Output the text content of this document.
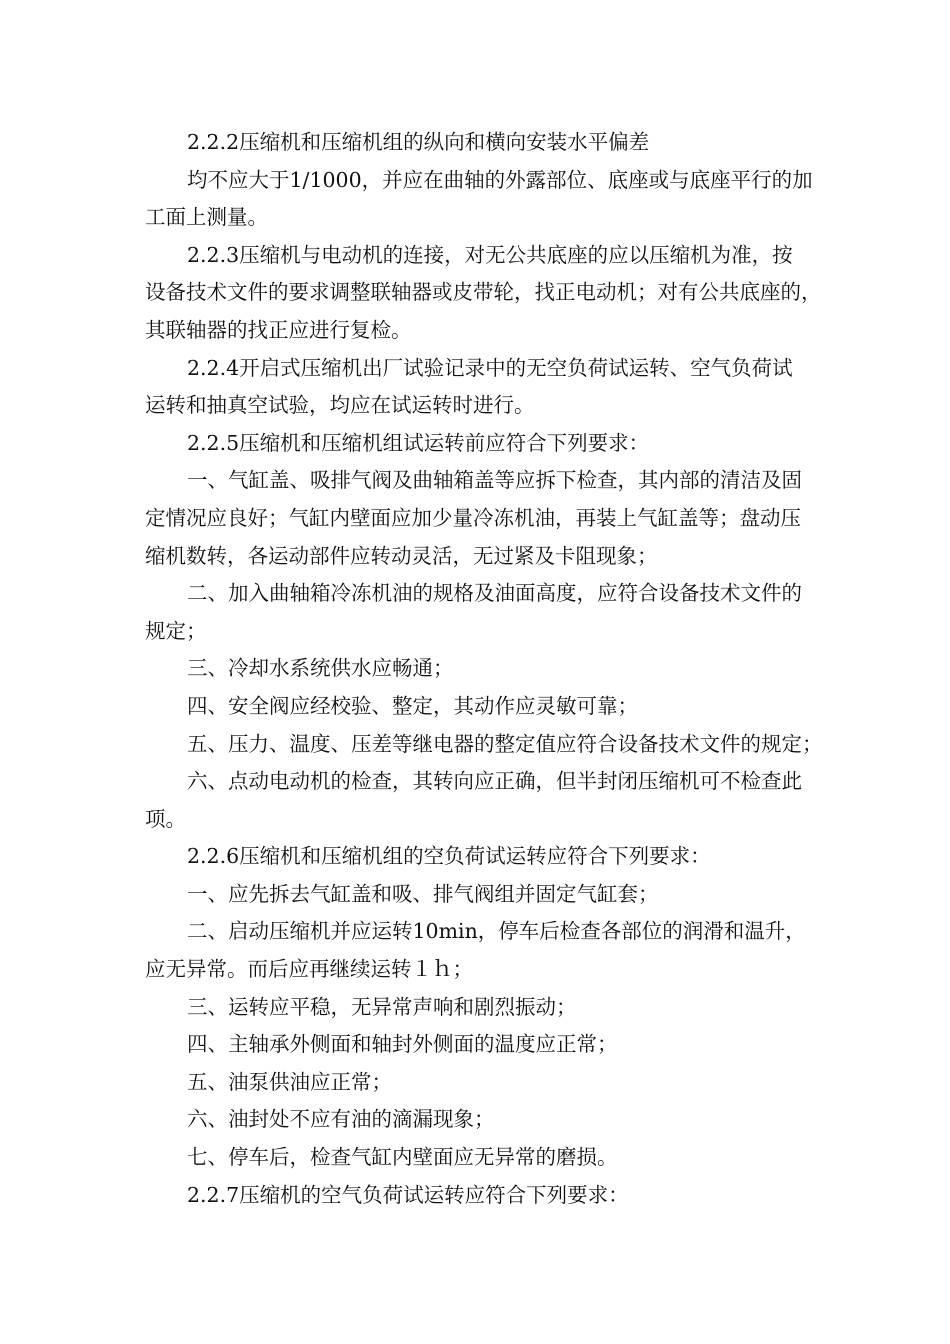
2.2.2压缩机和压缩机组的纵向和横向安装水平偏差
均不应大于1/1000，并应在曲轴的外露部位、底座或与底座平行的加
工面上测量。
2.2.3压缩机与电动机的连接，对无公共底座的应以压缩机为准，按
设备技术文件的要求调整联轴器或皮带轮，找正电动机；对有公共底座的，
其联轴器的找正应进行复检。
2.2.4开启式压缩机出厂试验记录中的无空负荷试运转、空气负荷试
运转和抽真空试验，均应在试运转时进行。
2.2.5压缩机和压缩机组试运转前应符合下列要求：
一、气缸盖、吸排气阀及曲轴箱盖等应拆下检查，其内部的清洁及固
定情况应良好；气缸内壁面应加少量冷冻机油，再装上气缸盖等；盘动压
缩机数转，各运动部件应转动灵活，无过紧及卡阻现象；
二、加入曲轴箱冷冻机油的规格及油面高度，应符合设备技术文件的
规定；
三、冷却水系统供水应畅通；
四、安全阀应经校验、整定，其动作应灵敏可靠；
五、压力、温度、压差等继电器的整定值应符合设备技术文件的规定；
六、点动电动机的检查，其转向应正确，但半封闭压缩机可不检查此
项。
2.2.6压缩机和压缩机组的空负荷试运转应符合下列要求：
一、应先拆去气缸盖和吸、排气阀组并固定气缸套；
二、启动压缩机并应运转10min，停车后检查各部位的润滑和温升，
应无异常。而后应再继续运转１ｈ；
三、运转应平稳，无异常声响和剧烈振动；
四、主轴承外侧面和轴封外侧面的温度应正常；
五、油泵供油应正常；
六、油封处不应有油的滴漏现象；
七、停车后，检查气缸内壁面应无异常的磨损。
2.2.7压缩机的空气负荷试运转应符合下列要求：
